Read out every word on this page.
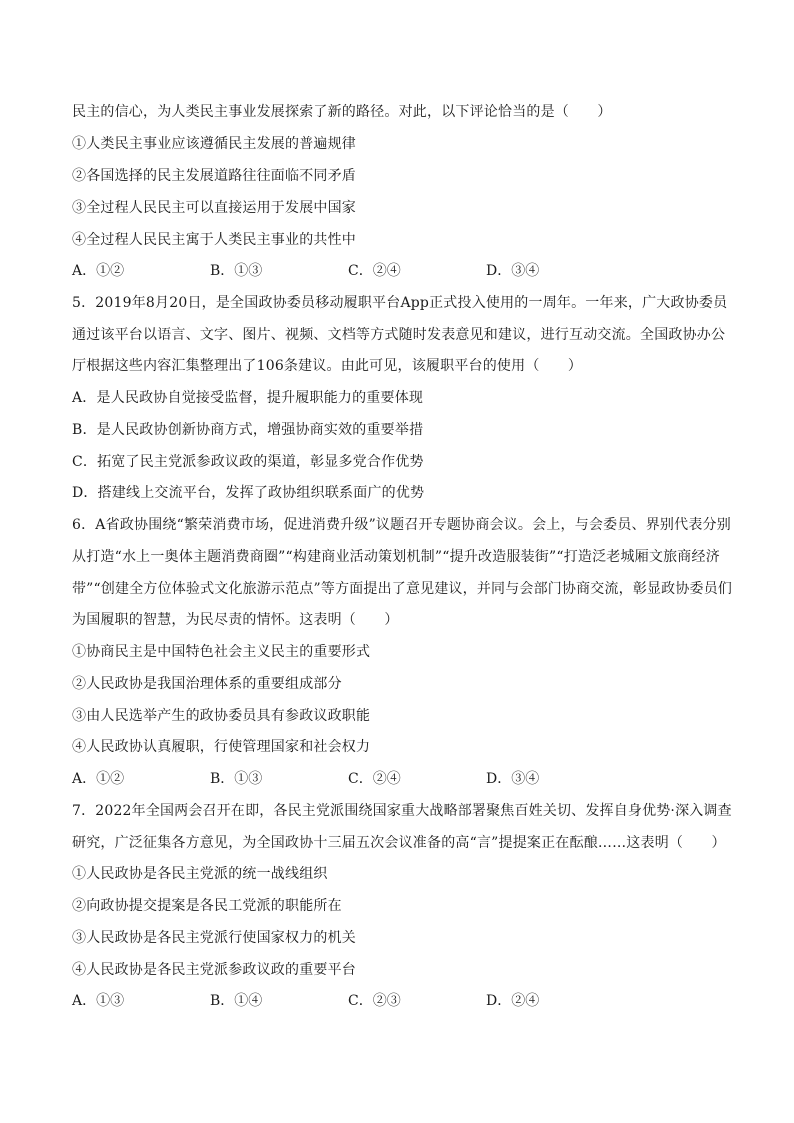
民主的信心，为人类民主事业发展探索了新的路径。对此，以下评论恰当的是（　　）
①人类民主事业应该遵循民主发展的普遍规律
②各国选择的民主发展道路往往面临不同矛盾
③全过程人民民主可以直接运用于发展中国家
④全过程人民民主寓于人类民主事业的共性中
A．①②	B．①③	C．②④	D．③④
5．2019年8月20日，是全国政协委员移动履职平台App正式投入使用的一周年。一年来，广大政协委员
通过该平台以语言、文字、图片、视频、文档等方式随时发表意见和建议，进行互动交流。全国政协办公
厅根据这些内容汇集整理出了106条建议。由此可见，该履职平台的使用（　　）
A．是人民政协自觉接受监督，提升履职能力的重要体现
B．是人民政协创新协商方式，增强协商实效的重要举措
C．拓宽了民主党派参政议政的渠道，彰显多党合作优势
D．搭建线上交流平台，发挥了政协组织联系面广的优势
6．A省政协围绕“繁荣消费市场，促进消费升级”议题召开专题协商会议。会上，与会委员、界别代表分别
从打造“水上一奥体主题消费商圈”“构建商业活动策划机制”“提升改造服装街”“打造泛老城厢文旅商经济
带”“创建全方位体验式文化旅游示范点”等方面提出了意见建议，并同与会部门协商交流，彰显政协委员们
为国履职的智慧，为民尽责的情怀。这表明（　　）
①协商民主是中国特色社会主义民主的重要形式
②人民政协是我国治理体系的重要组成部分
③由人民选举产生的政协委员具有参政议政职能
④人民政协认真履职，行使管理国家和社会权力
A．①②	B．①③	C．②④	D．③④
7．2022年全国两会召开在即，各民主党派围绕国家重大战略部署聚焦百姓关切、发挥自身优势·深入调查
研究，广泛征集各方意见，为全国政协十三届五次会议准备的高“言”提提案正在酝酿……这表明（　　）
①人民政协是各民主党派的统一战线组织
②向政协提交提案是各民工党派的职能所在
③人民政协是各民主党派行使国家权力的机关
④人民政协是各民主党派参政议政的重要平台
A．①③	B．①④	C．②③	D．②④
